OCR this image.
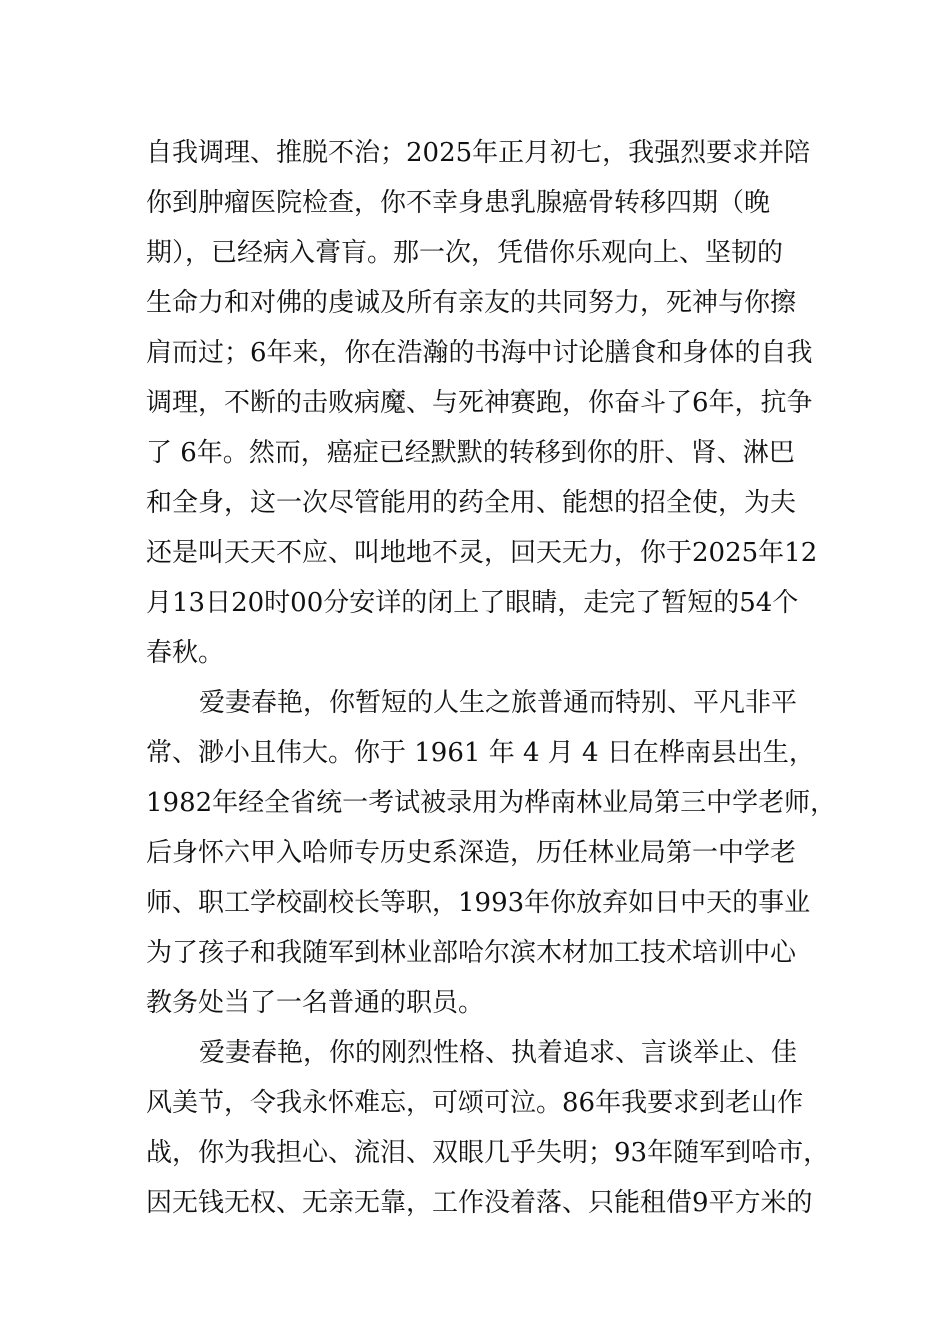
自我调理、推脱不治；2025年正月初七，我强烈要求并陪
你到肿瘤医院检查，你不幸身患乳腺癌骨转移四期（晚
期），已经病入膏肓。那一次，凭借你乐观向上、坚韧的
生命力和对佛的虔诚及所有亲友的共同努力，死神与你擦
肩而过；6年来，你在浩瀚的书海中讨论膳食和身体的自我
调理，不断的击败病魔、与死神赛跑，你奋斗了6年，抗争
了 6年。然而，癌症已经默默的转移到你的肝、肾、淋巴
和全身，这一次尽管能用的药全用、能想的招全使，为夫
还是叫天天不应、叫地地不灵，回天无力，你于2025年12
月13日20时00分安详的闭上了眼睛，走完了暂短的54个
春秋。

爱妻春艳，你暂短的人生之旅普通而特别、平凡非平
常、渺小且伟大。你于 1961 年 4 月 4 日在桦南县出生，
1982年经全省统一考试被录用为桦南林业局第三中学老师，
后身怀六甲入哈师专历史系深造，历任林业局第一中学老
师、职工学校副校长等职，1993年你放弃如日中天的事业
为了孩子和我随军到林业部哈尔滨木材加工技术培训中心
教务处当了一名普通的职员。

爱妻春艳，你的刚烈性格、执着追求、言谈举止、佳
风美节，令我永怀难忘，可颂可泣。86年我要求到老山作
战，你为我担心、流泪、双眼几乎失明；93年随军到哈市，
因无钱无权、无亲无靠，工作没着落、只能租借9平方米的
